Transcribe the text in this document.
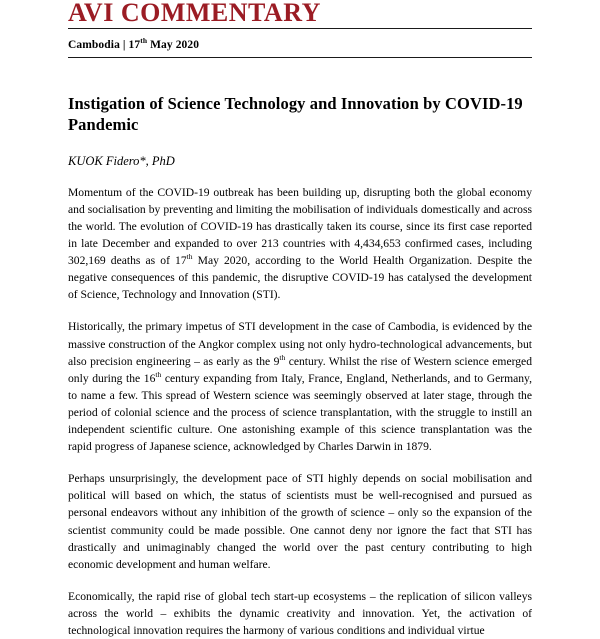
AVI COMMENTARY
Cambodia | 17th May 2020
Instigation of Science Technology and Innovation by COVID-19 Pandemic
KUOK Fidero*, PhD

Momentum of the COVID-19 outbreak has been building up, disrupting both the global economy and socialisation by preventing and limiting the mobilisation of individuals domestically and across the world. The evolution of COVID-19 has drastically taken its course, since its first case reported in late December and expanded to over 213 countries with 4,434,653 confirmed cases, including 302,169 deaths as of 17th May 2020, according to the World Health Organization. Despite the negative consequences of this pandemic, the disruptive COVID-19 has catalysed the development of Science, Technology and Innovation (STI).

Historically, the primary impetus of STI development in the case of Cambodia, is evidenced by the massive construction of the Angkor complex using not only hydro-technological advancements, but also precision engineering – as early as the 9th century. Whilst the rise of Western science emerged only during the 16th century expanding from Italy, France, England, Netherlands, and to Germany, to name a few. This spread of Western science was seemingly observed at later stage, through the period of colonial science and the process of science transplantation, with the struggle to instill an independent scientific culture. One astonishing example of this science transplantation was the rapid progress of Japanese science, acknowledged by Charles Darwin in 1879.

Perhaps unsurprisingly, the development pace of STI highly depends on social mobilisation and political will based on which, the status of scientists must be well-recognised and pursued as personal endeavors without any inhibition of the growth of science – only so the expansion of the scientist community could be made possible. One cannot deny nor ignore the fact that STI has drastically and unimaginably changed the world over the past century contributing to high economic development and human welfare.

Economically, the rapid rise of global tech start-up ecosystems – the replication of silicon valleys across the world – exhibits the dynamic creativity and innovation. Yet, the activation of technological innovation requires the harmony of various conditions and individual virtue
